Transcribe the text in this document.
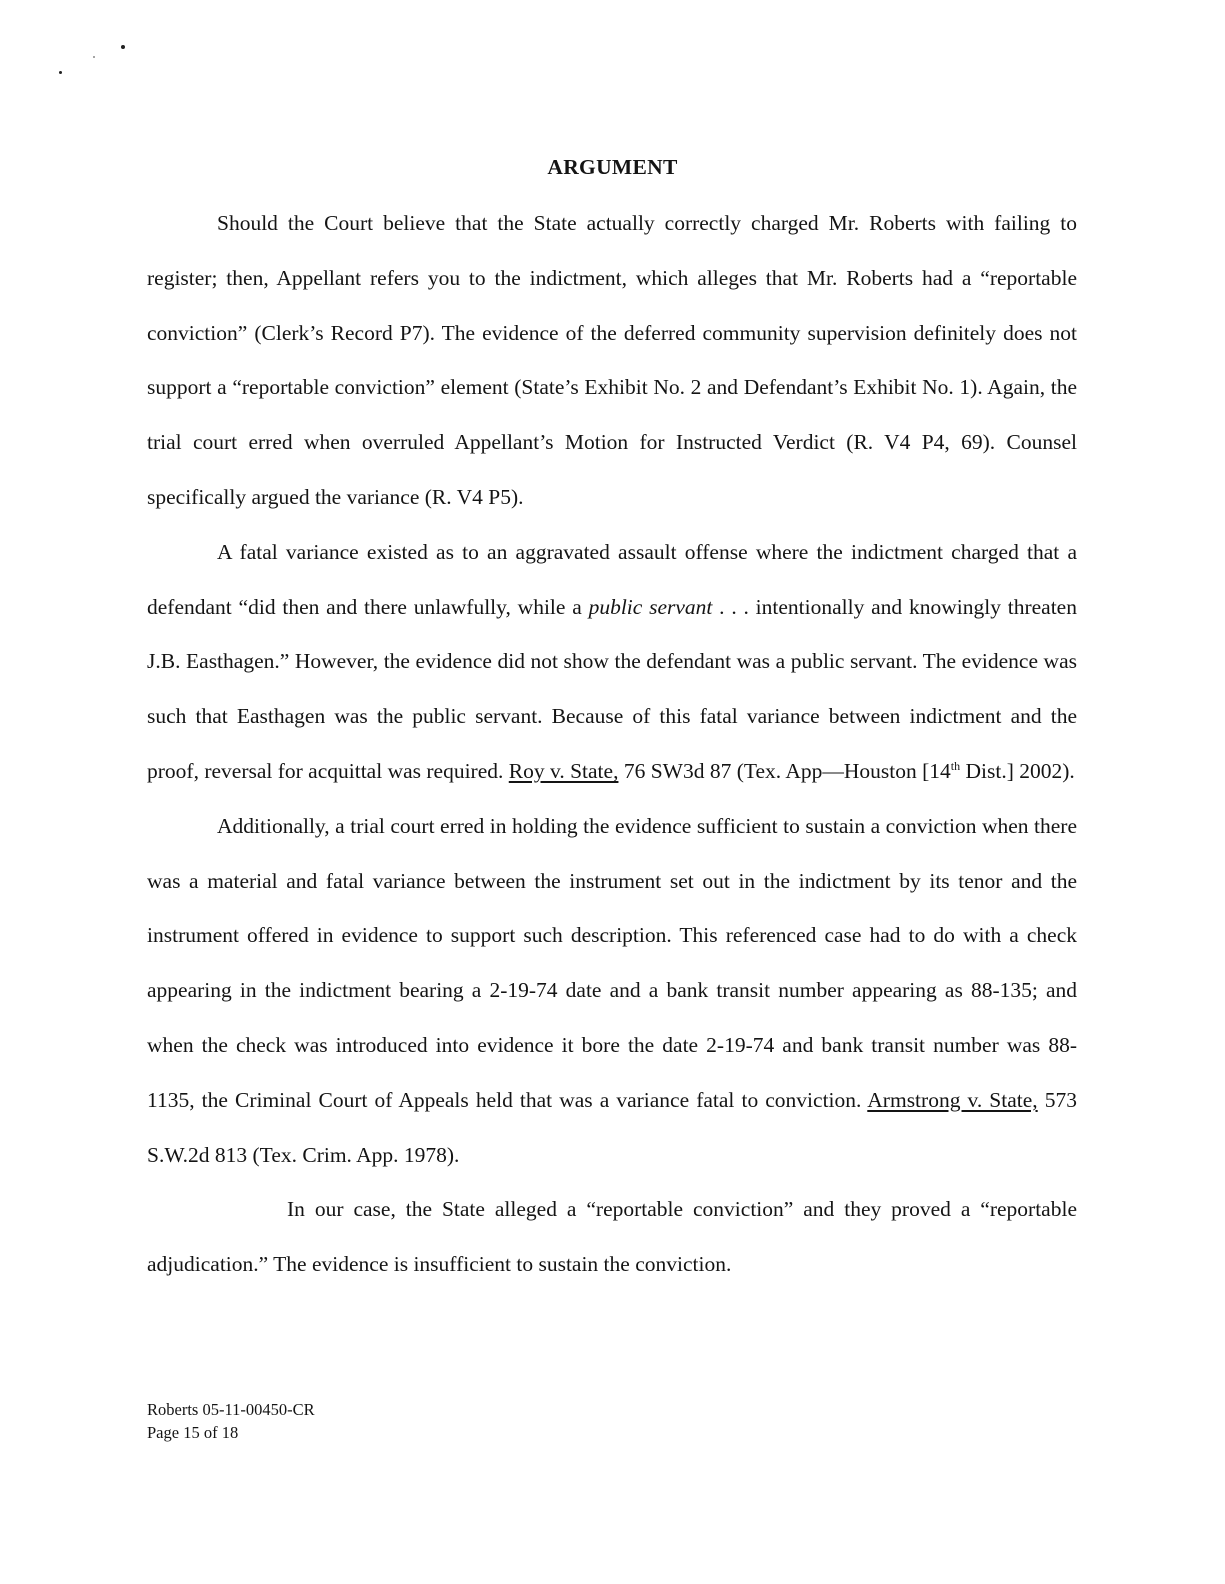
ARGUMENT

Should the Court believe that the State actually correctly charged Mr. Roberts with failing to register; then, Appellant refers you to the indictment, which alleges that Mr. Roberts had a “reportable conviction” (Clerk’s Record P7). The evidence of the deferred community supervision definitely does not support a “reportable conviction” element (State’s Exhibit No. 2 and Defendant’s Exhibit No. 1). Again, the trial court erred when overruled Appellant’s Motion for Instructed Verdict (R. V4 P4, 69). Counsel specifically argued the variance (R. V4 P5).

A fatal variance existed as to an aggravated assault offense where the indictment charged that a defendant “did then and there unlawfully, while a public servant . . . intentionally and knowingly threaten J.B. Easthagen.” However, the evidence did not show the defendant was a public servant. The evidence was such that Easthagen was the public servant. Because of this fatal variance between indictment and the proof, reversal for acquittal was required. Roy v. State, 76 SW3d 87 (Tex. App—Houston [14th Dist.] 2002).

Additionally, a trial court erred in holding the evidence sufficient to sustain a conviction when there was a material and fatal variance between the instrument set out in the indictment by its tenor and the instrument offered in evidence to support such description. This referenced case had to do with a check appearing in the indictment bearing a 2-19-74 date and a bank transit number appearing as 88-135; and when the check was introduced into evidence it bore the date 2-19-74 and bank transit number was 88-1135, the Criminal Court of Appeals held that was a variance fatal to conviction. Armstrong v. State, 573 S.W.2d 813 (Tex. Crim. App. 1978).

In our case, the State alleged a “reportable conviction” and they proved a “reportable adjudication.” The evidence is insufficient to sustain the conviction.

Roberts 05-11-00450-CR
Page 15 of 18
